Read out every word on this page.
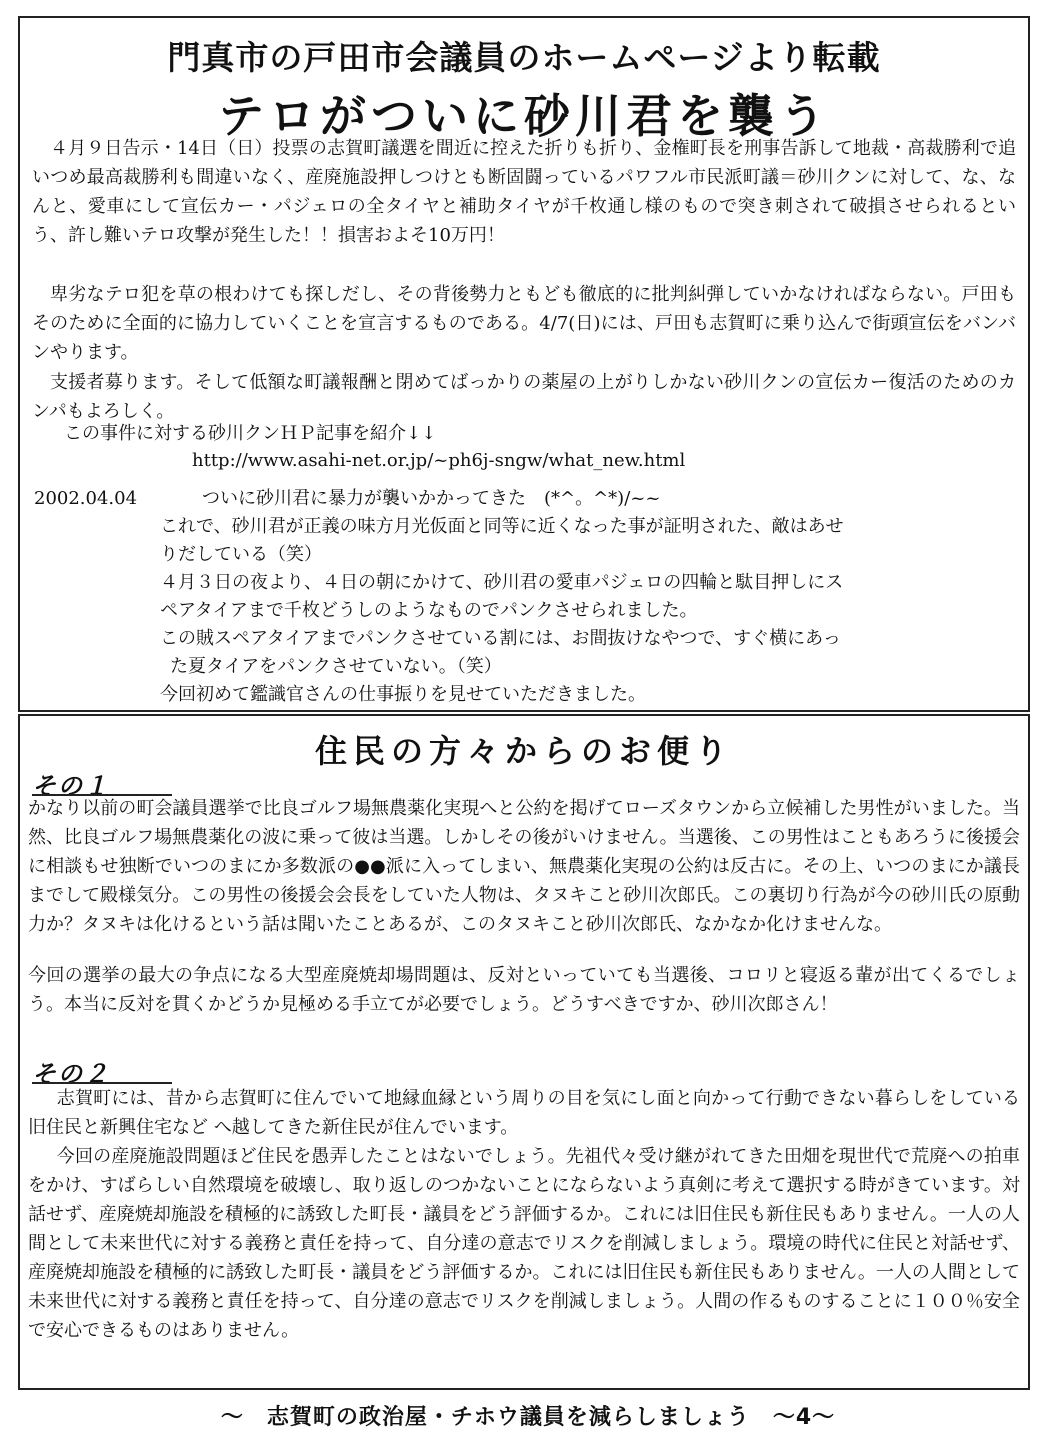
門真市の戸田市会議員のホームページより転載
テロがついに砂川君を襲う
４月９日告示・14日（日）投票の志賀町議選を間近に控えた折りも折り、金権町長を刑事告訴して地裁・高裁勝利で追いつめ最高裁勝利も間違いなく、産廃施設押しつけとも断固闘っているパワフル市民派町議＝砂川クンに対して、な、なんと、愛車にして宣伝カー・パジェロの全タイヤと補助タイヤが千枚通し様のもので突き刺されて破損させられるという、許し難いテロ攻撃が発生した！！損害およそ10万円！
卑劣なテロ犯を草の根わけても探しだし、その背後勢力ともども徹底的に批判糾弾していかなければならない。戸田もそのために全面的に協力していくことを宣言するものである。4/7(日)には、戸田も志賀町に乗り込んで街頭宣伝をバンバンやります。
支援者募ります。そして低額な町議報酬と閉めてばっかりの薬屋の上がりしかない砂川クンの宣伝カー復活のためのカンパもよろしく。
この事件に対する砂川クンＨＰ記事を紹介↓↓
http://www.asahi-net.or.jp/~ph6j-sngw/what_new.html
2002.04.04	ついに砂川君に暴力が襲いかかってきた　(*^。^*)/~~
これで、砂川君が正義の味方月光仮面と同等に近くなった事が証明された、敵はあせ
りだしている（笑）
４月３日の夜より、４日の朝にかけて、砂川君の愛車パジェロの四輪と駄目押しにス
ペアタイアまで千枚どうしのようなものでパンクさせられました。
この賊スペアタイアまでパンクさせている割には、お間抜けなやつで、すぐ横にあっ
た夏タイアをパンクさせていない。（笑）
今回初めて鑑識官さんの仕事振りを見せていただきました。
住民の方々からのお便り
その１
かなり以前の町会議員選挙で比良ゴルフ場無農薬化実現へと公約を掲げてローズタウンから立候補した男性がいました。当然、比良ゴルフ場無農薬化の波に乗って彼は当選。しかしその後がいけません。当選後、この男性はこともあろうに後援会に相談もせ独断でいつのまにか多数派の●●派に入ってしまい、無農薬化実現の公約は反古に。その上、いつのまにか議長までして殿様気分。この男性の後援会会長をしていた人物は、タヌキこと砂川次郎氏。この裏切り行為が今の砂川氏の原動力か？タヌキは化けるという話は聞いたことあるが、このタヌキこと砂川次郎氏、なかなか化けませんな。
今回の選挙の最大の争点になる大型産廃焼却場問題は、反対といっていても当選後、コロリと寝返る輩が出てくるでしょう。本当に反対を貫くかどうか見極める手立てが必要でしょう。どうすべきですか、砂川次郎さん！
その２
志賀町には、昔から志賀町に住んでいて地縁血縁という周りの目を気にし面と向かって行動できない暮らしをしている旧住民と新興住宅など へ越してきた新住民が住んでいます。
今回の産廃施設問題ほど住民を愚弄したことはないでしょう。先祖代々受け継がれてきた田畑を現世代で荒廃への拍車をかけ、すばらしい自然環境を破壊し、取り返しのつかないことにならないよう真剣に考えて選択する時がきています。対話せず、産廃焼却施設を積極的に誘致した町長・議員をどう評価するか。これには旧住民も新住民もありません。一人の人間として未来世代に対する義務と責任を持って、自分達の意志でリスクを削減しましょう。環境の時代に住民と対話せず、産廃焼却施設を積極的に誘致した町長・議員をどう評価するか。これには旧住民も新住民もありません。一人の人間として未来世代に対する義務と責任を持って、自分達の意志でリスクを削減しましょう。人間の作るものすることに１００％安全で安心できるものはありません。
～　志賀町の政治屋・チホウ議員を減らしましょう　～4～
